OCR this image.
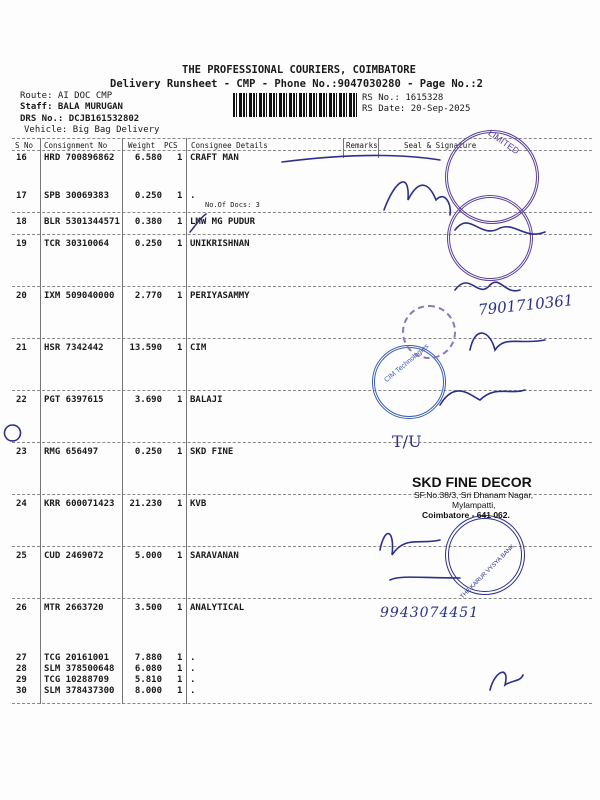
THE PROFESSIONAL COURIERS, COIMBATORE
Delivery Runsheet - CMP - Phone No.:9047030280 - Page No.:2
Route: AI DOC CMP
Staff: BALA MURUGAN
DRS No.: DCJB161532802
Vehicle: Big Bag Delivery
RS No.: 1615328
RS Date: 20-Sep-2025
S No Consignment No	Weight PCS Consignee Details	Remarks	Seal & Signature
16 HRD 700896862	6.580 1 CRAFT MAN
17 SPB 30069383	0.250 1 .
18 BLR 5301344571	0.380 1 LMW MG PUDUR
19 TCR 30310064	0.250 1 UNIKRISHNAN
20 IXM 509040000	2.770 1 PERIYASAMMY
21 HSR 7342442	13.590 1 CIM
22 PGT 6397615	3.690 1 BALAJI
23 RMG 656497	0.250 1 SKD FINE
24 KRR 600071423	21.230 1 KVB
25 CUD 2469072	5.000 1 SARAVANAN
26 MTR 2663720	3.500 1 ANALYTICAL
27 TCG 20161001	7.880 1 .
28 SLM 378500648	6.080 1 .
29 TCG 10288709	5.810 1 .
30 SLM 378437300	8.000 1 .
No.Of Docs: 3
LIMITED
CIM Technologies
THE KARUR VYSYA BANK
SKD FINE DECOR
SF.No.38/3, Sri Dhanam Nagar,
Mylampatti,
Coimbatore - 641 062.
7901710361
T/U
9943074451
